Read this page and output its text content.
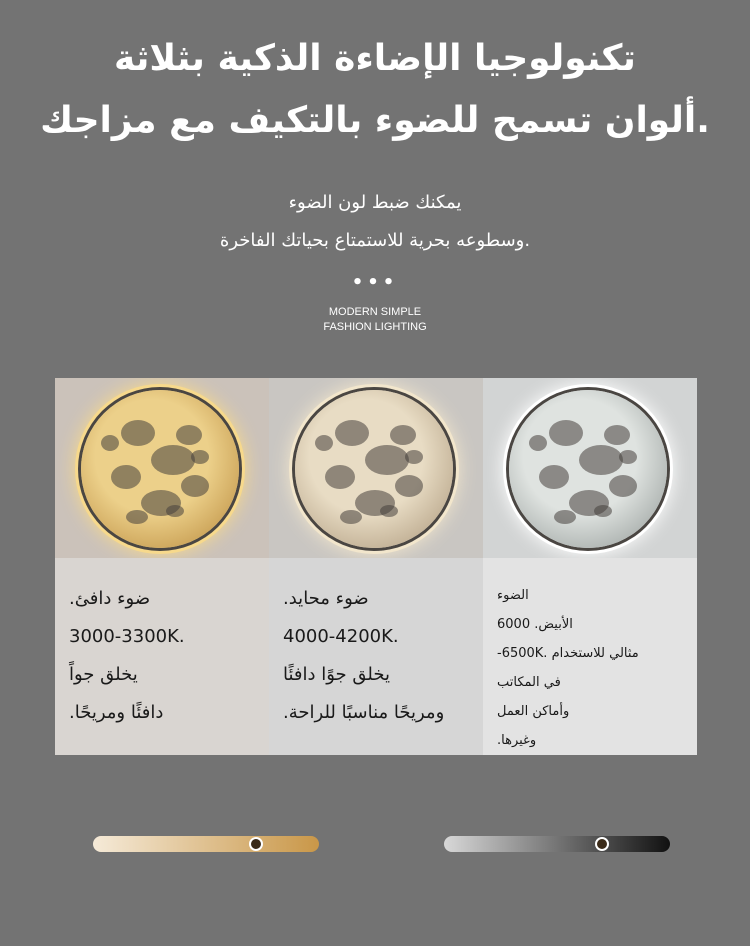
تكنولوجيا الإضاءة الذكية بثلاثة
.ألوان تسمح للضوء بالتكيف مع مزاجك
يمكنك ضبط لون الضوء
.وسطوعه بحرية للاستمتاع بحياتك الفاخرة
•••
MODERN SIMPLE
FASHION LIGHTING

.ضوء دافئ

3000-3300K.

يخلق جواً

.دافئًا ومريحًا

.ضوء محايد

4000-4200K.

يخلق جوًا دافئًا

.ومريحًا مناسبًا للراحة

الضوء

الأبيض. 6000

-6500K. مثالي للاستخدام

في المكاتب

وأماكن العمل

.وغيرها
